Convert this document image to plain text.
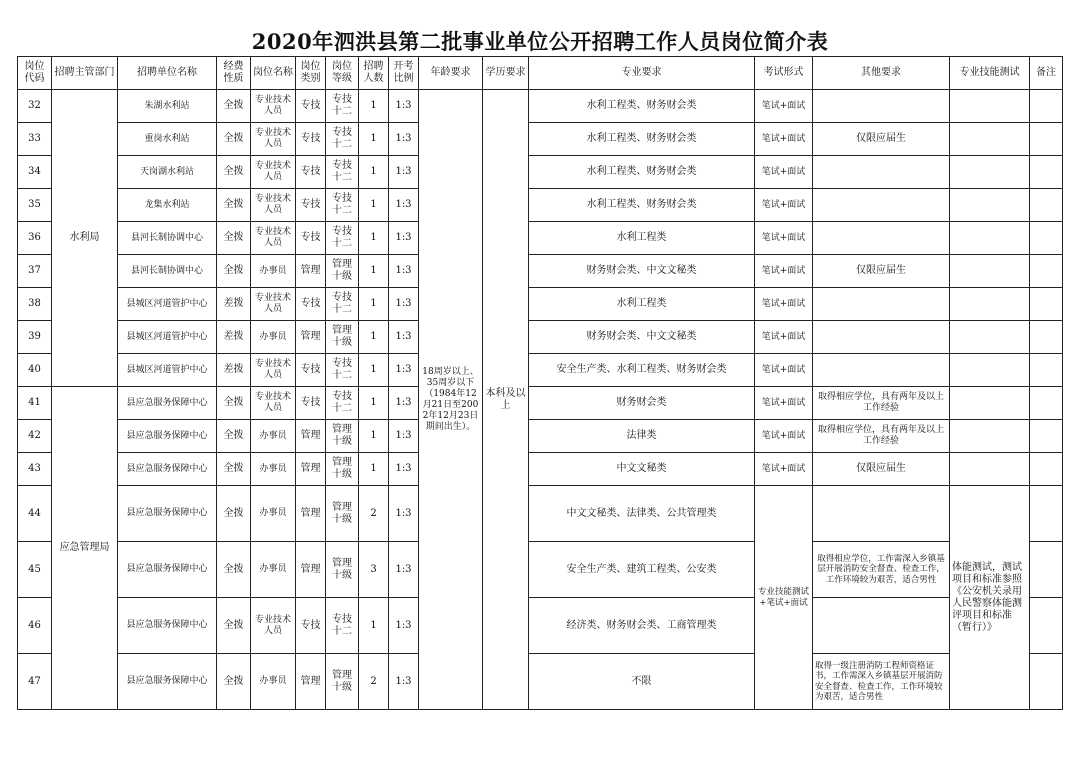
2020年泗洪县第二批事业单位公开招聘工作人员岗位简介表
岗位代码	招聘主管部门	招聘单位名称	经费性质	岗位名称	岗位类别	岗位等级	招聘人数	开考比例	年龄要求	学历要求	专业要求	考试形式	其他要求	专业技能测试	备注
32	水利局	朱湖水利站	全拨	专业技术人员	专技	专技十二	1	1:3	18周岁以上、35周岁以下（1984年12月21日至2002年12月23日期间出生）。	本科及以上	水利工程类、财务财会类	笔试+面试			
33		重岗水利站	全拨	专业技术人员	专技	专技十二	1	1:3			水利工程类、财务财会类	笔试+面试	仅限应届生		
34		天岗湖水利站	全拨	专业技术人员	专技	专技十二	1	1:3			水利工程类、财务财会类	笔试+面试			
35		龙集水利站	全拨	专业技术人员	专技	专技十二	1	1:3			水利工程类、财务财会类	笔试+面试			
36		县河长制协调中心	全拨	专业技术人员	专技	专技十二	1	1:3			水利工程类	笔试+面试			
37		县河长制协调中心	全拨	办事员	管理	管理十级	1	1:3			财务财会类、中文文秘类	笔试+面试	仅限应届生		
38		县城区河道管护中心	差拨	专业技术人员	专技	专技十二	1	1:3			水利工程类	笔试+面试			
39		县城区河道管护中心	差拨	办事员	管理	管理十级	1	1:3			财务财会类、中文文秘类	笔试+面试			
40		县城区河道管护中心	差拨	专业技术人员	专技	专技十二	1	1:3			安全生产类、水利工程类、财务财会类	笔试+面试			
41	应急管理局	县应急服务保障中心	全拨	专业技术人员	专技	专技十二	1	1:3			财务财会类	笔试+面试	取得相应学位，具有两年及以上工作经验		
42		县应急服务保障中心	全拨	办事员	管理	管理十级	1	1:3			法律类	笔试+面试	取得相应学位，具有两年及以上工作经验		
43		县应急服务保障中心	全拨	办事员	管理	管理十级	1	1:3			中文文秘类	笔试+面试	仅限应届生		
44		县应急服务保障中心	全拨	办事员	管理	管理十级	2	1:3			中文文秘类、法律类、公共管理类	专业技能测试+笔试+面试		体能测试，测试项目和标准参照《公安机关录用人民警察体能测评项目和标准（暂行）》	
45		县应急服务保障中心	全拨	办事员	管理	管理十级	3	1:3			安全生产类、建筑工程类、公安类		取得相应学位，工作需深入乡镇基层开展消防安全督查、检查工作，工作环境较为艰苦，适合男性		
46		县应急服务保障中心	全拨	专业技术人员	专技	专技十二	1	1:3			经济类、财务财会类、工商管理类				
47		县应急服务保障中心	全拨	办事员	管理	管理十级	2	1:3			不限		取得一级注册消防工程师资格证书，工作需深入乡镇基层开展消防安全督查、检查工作，工作环境较为艰苦，适合男性		
